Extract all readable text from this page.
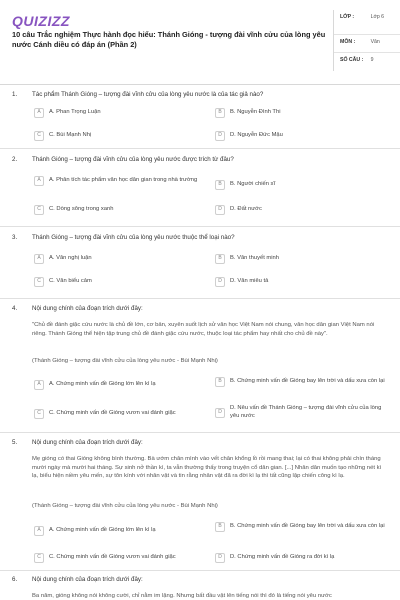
QUIZIZZ
10 câu Trắc nghiệm Thực hành đọc hiểu: Thánh Gióng - tượng đài vĩnh cửu của lòng yêu nước Cánh diều có đáp án (Phần 2)
LỚP :	Lớp 6
MÔN :	Văn
SỐ CÂU :	9
1.	Tác phẩm Thánh Gióng – tượng đài vĩnh cửu của lòng yêu nước là của tác giả nào?
A	A. Phan Trọng Luận	B	B. Nguyễn Đình Thi
C	C. Bùi Mạnh Nhị	D	D. Nguyễn Đức Mậu
2.	Thánh Gióng – tượng đài vĩnh cửu của lòng yêu nước được trích từ đâu?
A	A. Phân tích tác phẩm văn học dân gian trong nhà trường
B	B. Người chiến sĩ
C	C. Dòng sông trong xanh	D	D. Đất nước
3.	Thánh Gióng – tượng đài vĩnh cửu của lòng yêu nước thuộc thể loại nào?
A	A. Văn nghị luận	B	B. Văn thuyết minh
C	C. Văn biểu cảm	D	D. Văn miêu tả
4.	Nội dung chính của đoạn trích dưới đây:
"Chủ đề đánh giặc cứu nước là chủ đề lớn, cơ bản, xuyên suốt lịch sử văn học Việt Nam nói chung, văn học dân gian Việt Nam nói riêng. Thánh Gióng thể hiện tập trung chủ đề đánh giặc cứu nước, thuộc loại tác phẩm hay nhất cho chủ đề này".
(Thánh Gióng – tượng đài vĩnh cửu của lòng yêu nước - Bùi Mạnh Nhị)
A	A. Chứng minh vấn đề Gióng lớn lên kì lạ	B	B. Chứng minh vấn đề Gióng bay lên trời và dấu xưa còn lại
C	C. Chứng minh vấn đề Gióng vươn vai đánh giặc	D
D. Nêu vấn đề Thánh Gióng – tượng đài vĩnh cửu của lòng yêu nước
5.	Nội dung chính của đoạn trích dưới đây:
Mẹ gióng có thai Gióng không bình thường. Bà ướm chân mình vào vết chân khổng lồ rồi mang thai; lại có thai không phải chín tháng mười ngày mà mười hai tháng. Sự sinh nở thần kì, ta vẫn thường thấy trong truyện cổ dân gian. [...] Nhân dân muốn tạo những nét kì lạ, biểu hiện niềm yêu mến, sự tôn kính với nhân vật và tin rằng nhân vật đã ra đời kì lạ thì tất cũng lập chiến công kì lạ.
(Thánh Gióng – tượng đài vĩnh cửu của lòng yêu nước - Bùi Mạnh Nhị)
A	A. Chứng minh vấn đề Gióng lớn lên kì lạ
B	B. Chứng minh vấn đề Gióng bay lên trời và dấu xưa còn lại
C	C. Chứng minh vấn đề Gióng vươn vai đánh giặc	D	D. Chứng minh vấn đề Gióng ra đời kì lạ
6.	Nội dung chính của đoạn trích dưới đây:
Ba năm, gióng không nói không cười, chỉ nằm im lặng. Nhưng bất đầu vật lên tiếng nói thì đó là tiếng nói yêu nước
